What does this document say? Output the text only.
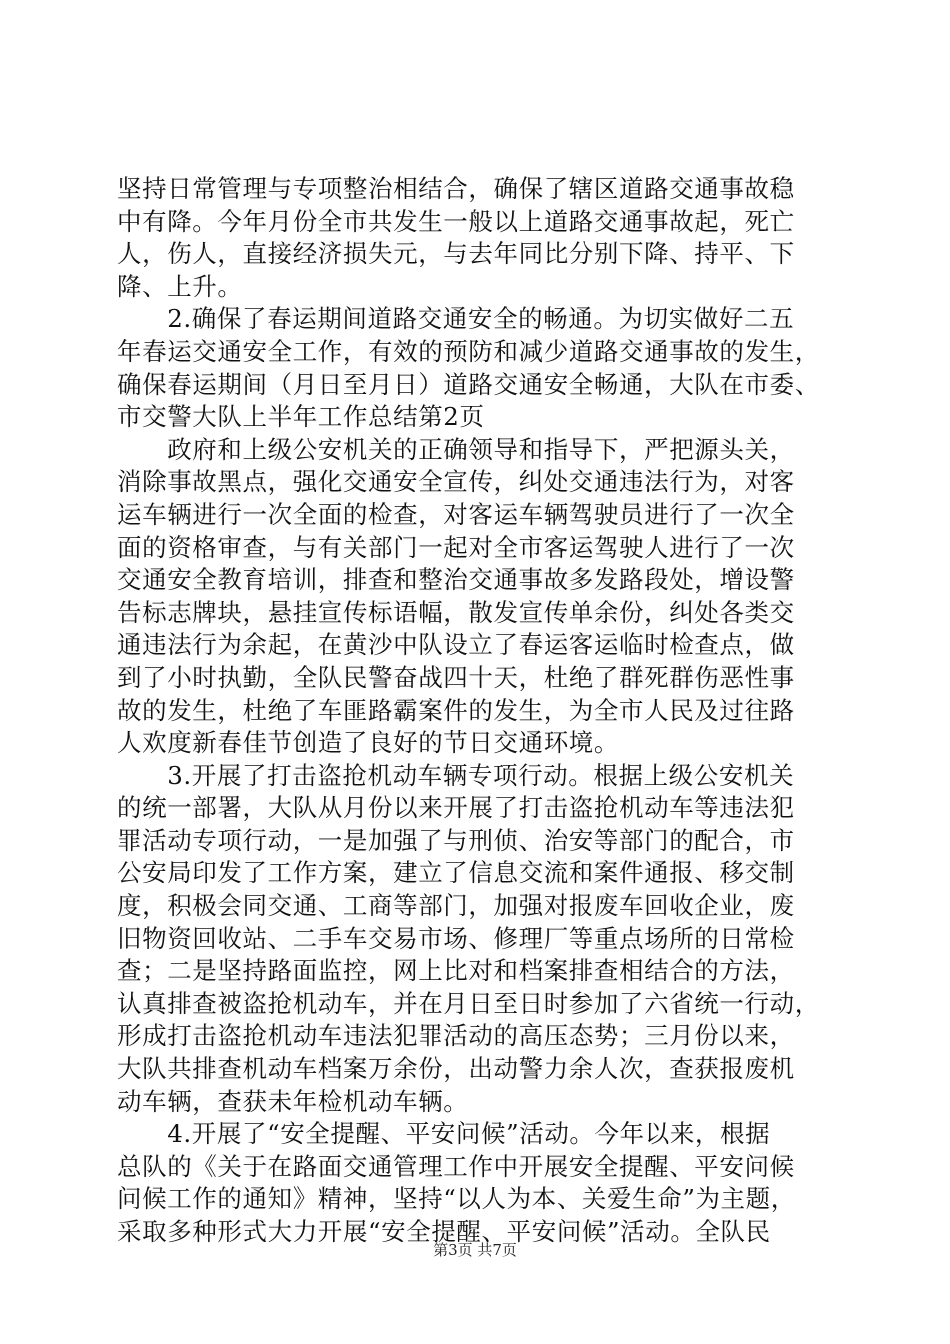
坚持日常管理与专项整治相结合，确保了辖区道路交通事故稳
中有降。今年月份全市共发生一般以上道路交通事故起，死亡
人，伤人，直接经济损失元，与去年同比分别下降、持平、下
降、上升。
　　2.确保了春运期间道路交通安全的畅通。为切实做好二五
年春运交通安全工作，有效的预防和减少道路交通事故的发生，
确保春运期间（月日至月日）道路交通安全畅通，大队在市委、
市交警大队上半年工作总结第2页
　　政府和上级公安机关的正确领导和指导下，严把源头关，
消除事故黑点，强化交通安全宣传，纠处交通违法行为，对客
运车辆进行一次全面的检查，对客运车辆驾驶员进行了一次全
面的资格审查，与有关部门一起对全市客运驾驶人进行了一次
交通安全教育培训，排查和整治交通事故多发路段处，增设警
告标志牌块，悬挂宣传标语幅，散发宣传单余份，纠处各类交
通违法行为余起，在黄沙中队设立了春运客运临时检查点，做
到了小时执勤，全队民警奋战四十天，杜绝了群死群伤恶性事
故的发生，杜绝了车匪路霸案件的发生，为全市人民及过往路
人欢度新春佳节创造了良好的节日交通环境。
　　3.开展了打击盗抢机动车辆专项行动。根据上级公安机关
的统一部署，大队从月份以来开展了打击盗抢机动车等违法犯
罪活动专项行动，一是加强了与刑侦、治安等部门的配合，市
公安局印发了工作方案，建立了信息交流和案件通报、移交制
度，积极会同交通、工商等部门，加强对报废车回收企业，废
旧物资回收站、二手车交易市场、修理厂等重点场所的日常检
查；二是坚持路面监控，网上比对和档案排查相结合的方法，
认真排查被盗抢机动车，并在月日至日时参加了六省统一行动，
形成打击盗抢机动车违法犯罪活动的高压态势；三月份以来，
大队共排查机动车档案万余份，出动警力余人次，查获报废机
动车辆，查获未年检机动车辆。
　　4.开展了“安全提醒、平安问候”活动。今年以来，根据
总队的《关于在路面交通管理工作中开展安全提醒、平安问候
问候工作的通知》精神，坚持“以人为本、关爱生命”为主题，
采取多种形式大力开展“安全提醒、平安问候”活动。全队民
第3页 共7页
